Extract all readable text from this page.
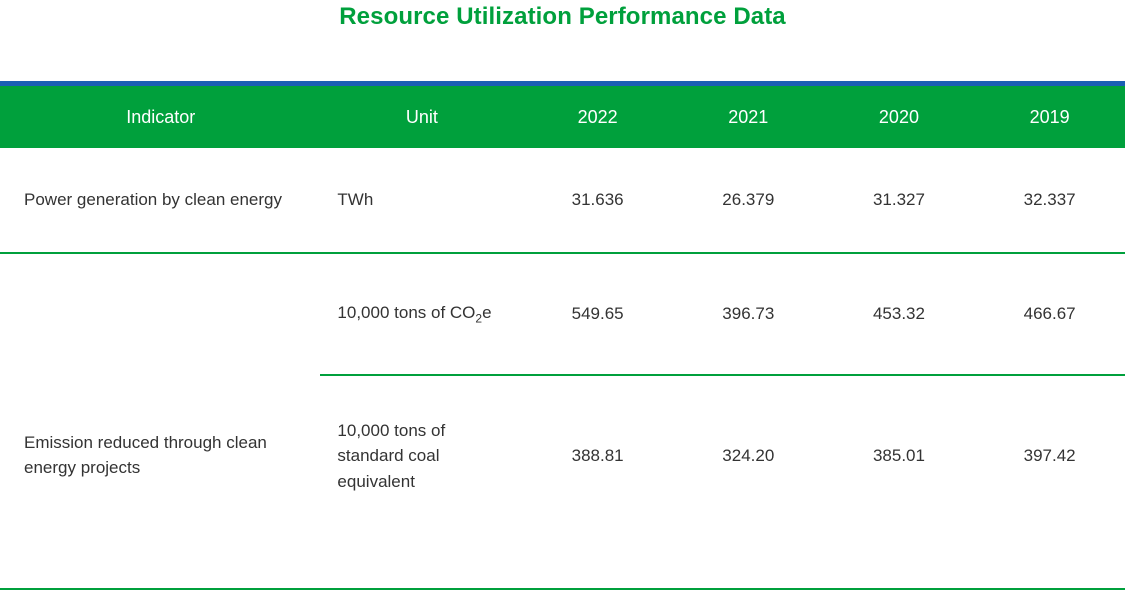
Resource Utilization Performance Data

Indicator	Unit	2022	2021	2020	2019
Power generation by clean energy	TWh	31.636	26.379	31.327	32.337

	10,000 tons of $CO_2e$	549.65	396.73	453.32	466.67

Emission reduced through clean energy projects	10,000 tons of standard coal equivalent	388.81	324.20	385.01	397.42
